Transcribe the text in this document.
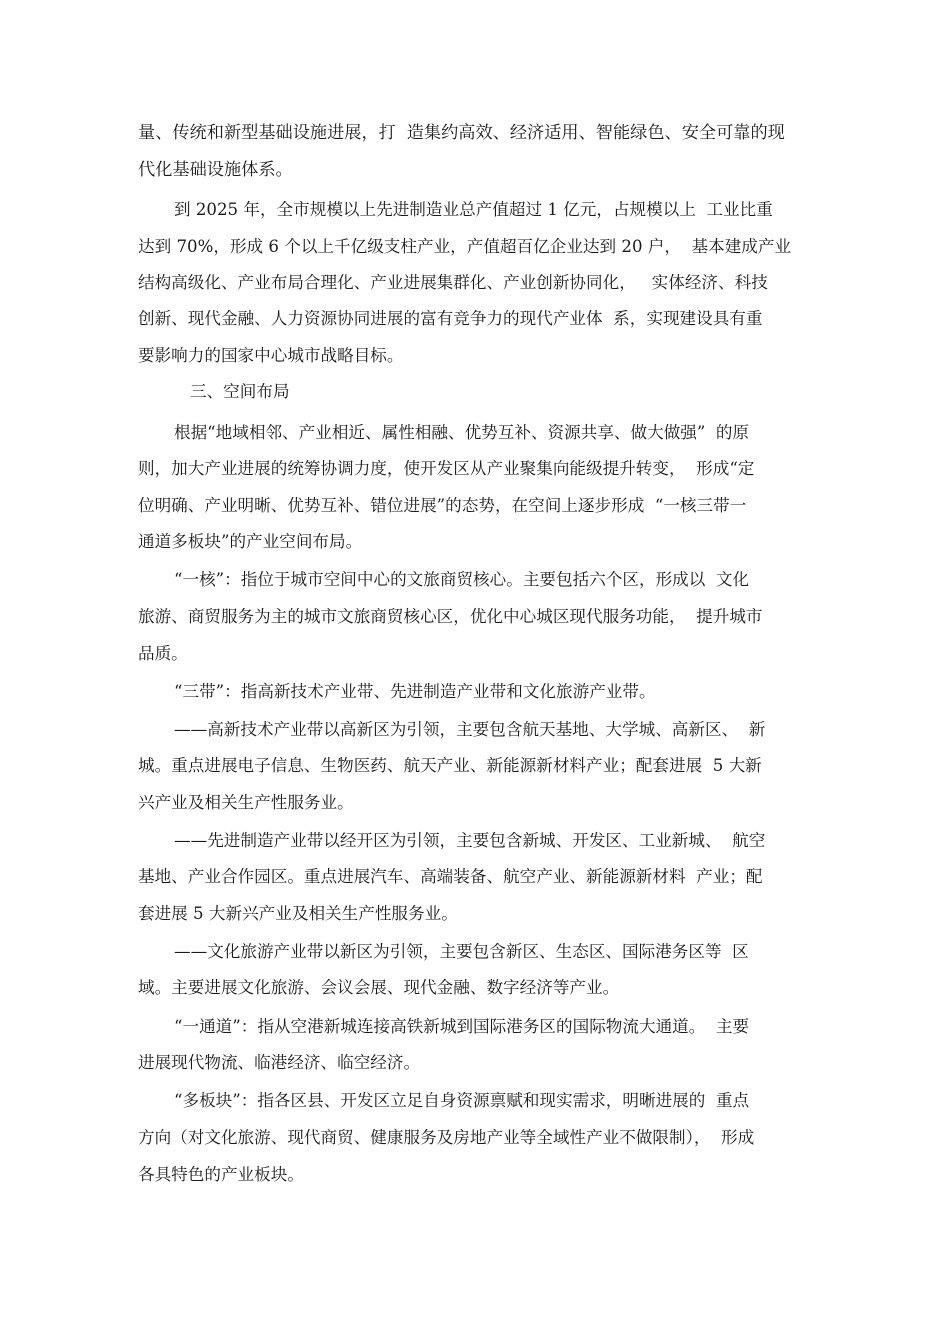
量、传统和新型基础设施进展，打  造集约高效、经济适用、智能绿色、安全可靠的现
代化基础设施体系。
到 2025 年，全市规模以上先进制造业总产值超过 1 亿元，占规模以上  工业比重
达到 70%，形成 6 个以上千亿级支柱产业，产值超百亿企业达到 20 户，  基本建成产业
结构高级化、产业布局合理化、产业进展集群化、产业创新协同化，   实体经济、科技
创新、现代金融、人力资源协同进展的富有竞争力的现代产业体  系，实现建设具有重
要影响力的国家中心城市战略目标。
三、空间布局
根据“地域相邻、产业相近、属性相融、优势互补、资源共享、做大做强”  的原
则，加大产业进展的统筹协调力度，使开发区从产业聚集向能级提升转变，  形成“定
位明确、产业明晰、优势互补、错位进展”的态势，在空间上逐步形成  “一核三带一
通道多板块”的产业空间布局。
“一核”：指位于城市空间中心的文旅商贸核心。主要包括六个区，形成以  文化
旅游、商贸服务为主的城市文旅商贸核心区，优化中心城区现代服务功能，  提升城市
品质。
“三带”：指高新技术产业带、先进制造产业带和文化旅游产业带。
——高新技术产业带以高新区为引领，主要包含航天基地、大学城、高新区、  新
城。重点进展电子信息、生物医药、航天产业、新能源新材料产业；配套进展  5 大新
兴产业及相关生产性服务业。
——先进制造产业带以经开区为引领，主要包含新城、开发区、工业新城、  航空
基地、产业合作园区。重点进展汽车、高端装备、航空产业、新能源新材料  产业；配
套进展 5 大新兴产业及相关生产性服务业。
——文化旅游产业带以新区为引领，主要包含新区、生态区、国际港务区等  区
域。主要进展文化旅游、会议会展、现代金融、数字经济等产业。
“一通道”：指从空港新城连接高铁新城到国际港务区的国际物流大通道。  主要
进展现代物流、临港经济、临空经济。
“多板块”：指各区县、开发区立足自身资源禀赋和现实需求，明晰进展的  重点
方向（对文化旅游、现代商贸、健康服务及房地产业等全域性产业不做限制），  形成
各具特色的产业板块。
